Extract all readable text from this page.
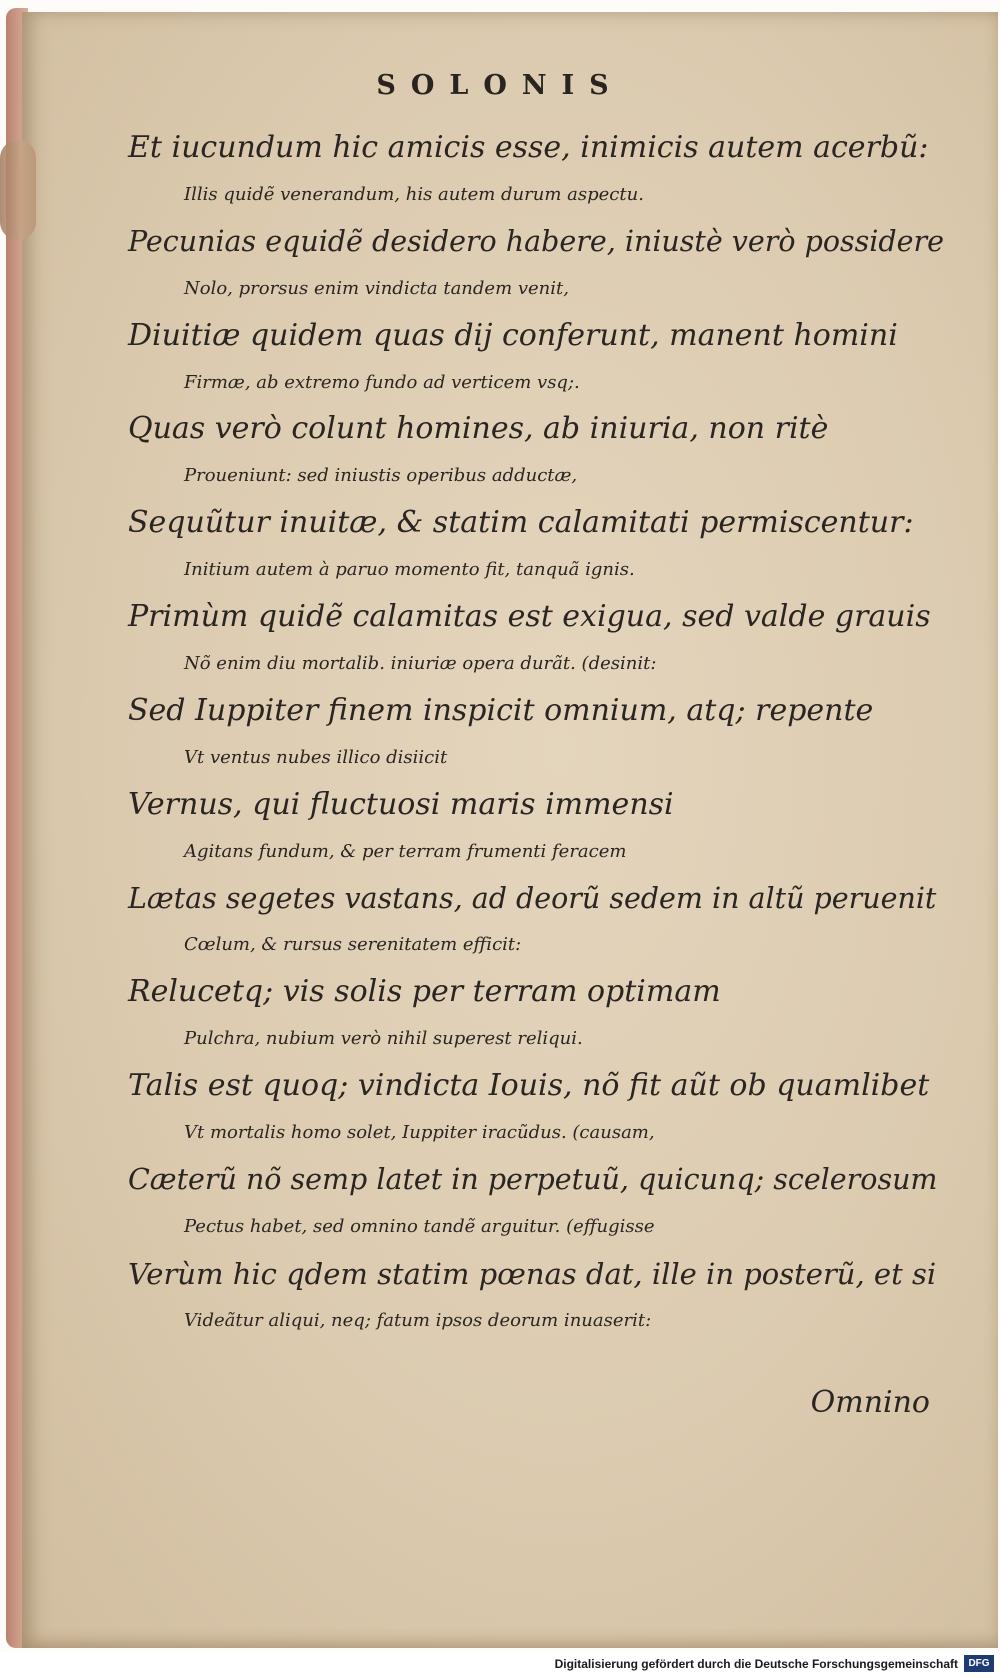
SOLONIS
Et iucundum hic amicis esse, inimicis autem acerbũ:
Illis quidẽ venerandum, his autem durum aspectu.
Pecunias equidẽ desidero habere, iniustè verò possidere
Nolo, prorsus enim vindicta tandem venit,
Diuitiæ quidem quas dij conferunt, manent homini
Firmæ, ab extremo fundo ad verticem vsq;.
Quas verò colunt homines, ab iniuria, non ritè
Proueniunt: sed iniustis operibus adductæ,
Sequũtur inuitæ, & statim calamitati permiscentur:
Initium autem à paruo momento fit, tanquã ignis.
Primùm quidẽ calamitas est exigua, sed valde grauis
Nõ enim diu mortalib. iniuriæ opera durãt. (desinit:
Sed Iuppiter finem inspicit omnium, atq; repente
Vt ventus nubes illico disiicit
Vernus, qui fluctuosi maris immensi
Agitans fundum, & per terram frumenti feracem
Lætas segetes vastans, ad deorũ sedem in altũ peruenit
Cœlum, & rursus serenitatem efficit:
Relucetq; vis solis per terram optimam
Pulchra, nubium verò nihil superest reliqui.
Talis est quoq; vindicta Iouis, nõ fit aũt ob quamlibet
Vt mortalis homo solet, Iuppiter iracũdus. (causam,
Cæterũ nõ semp latet in perpetuũ, quicunq; scelerosum
Pectus habet, sed omnino tandẽ arguitur. (effugisse
Verùm hic qdem statim pœnas dat, ille in posterũ, et si
Videãtur aliqui, neq; fatum ipsos deorum inuaserit:
Omnino
Digitalisierung gefördert durch die Deutsche Forschungsgemeinschaft	DFG
